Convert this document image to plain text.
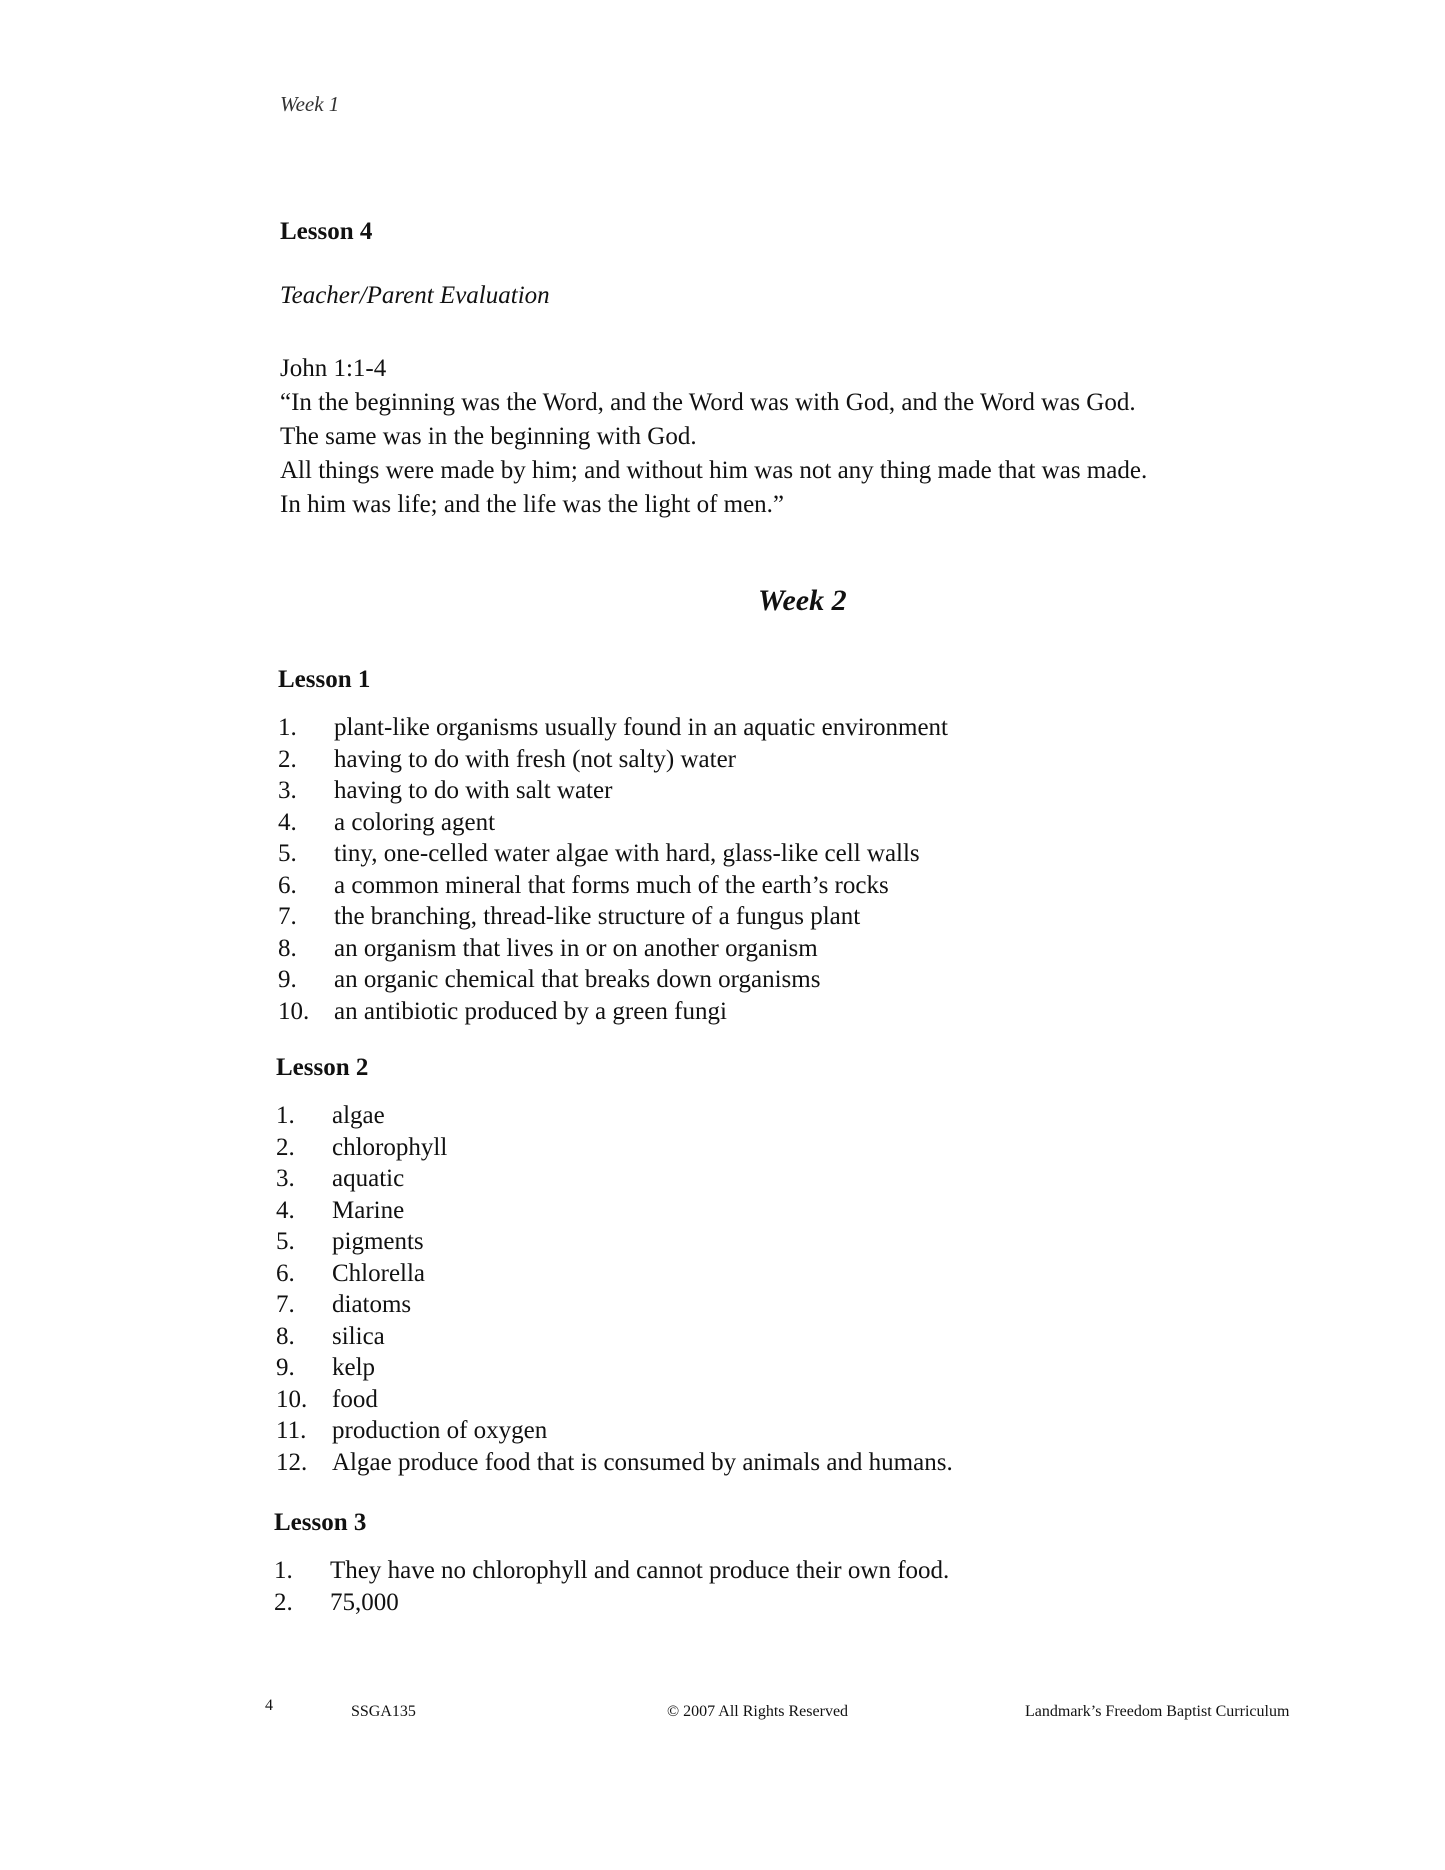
Week 1
Lesson 4
Teacher/Parent Evaluation
John 1:1-4
“In the beginning was the Word, and the Word was with God, and the Word was God.
The same was in the beginning with God.
All things were made by him; and without him was not any thing made that was made.
In him was life; and the life was the light of men.”
Week 2
Lesson 1
1.	plant-like organisms usually found in an aquatic environment
2.	having to do with fresh (not salty) water
3.	having to do with salt water
4.	a coloring agent
5.	tiny, one-celled water algae with hard, glass-like cell walls
6.	a common mineral that forms much of the earth’s rocks
7.	the branching, thread-like structure of a fungus plant
8.	an organism that lives in or on another organism
9.	an organic chemical that breaks down organisms
10. an antibiotic produced by a green fungi
Lesson 2
1.	algae
2.	chlorophyll
3.	aquatic
4.	Marine
5.	pigments
6.	Chlorella
7.	diatoms
8.	silica
9.	kelp
10. food
11.	production of oxygen
12. Algae produce food that is consumed by animals and humans.
Lesson 3
1.	They have no chlorophyll and cannot produce their own food.
2.	75,000
4	SSGA135	© 2007 All Rights Reserved	Landmark’s Freedom Baptist Curriculum
